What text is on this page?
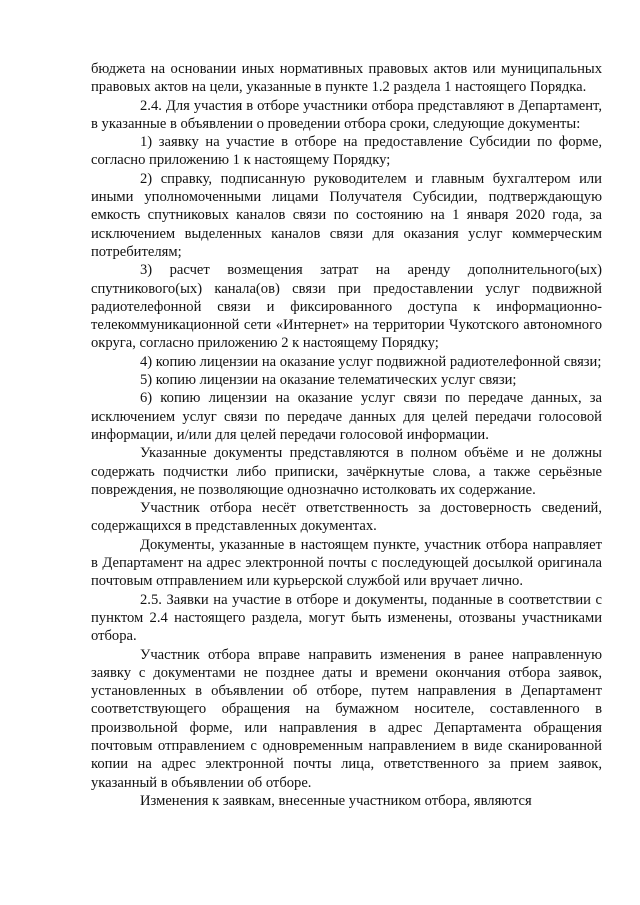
бюджета на основании иных нормативных правовых актов или муниципальных правовых актов на цели, указанные в пункте 1.2 раздела 1 настоящего Порядка.

2.4. Для участия в отборе участники отбора представляют в Департамент, в указанные в объявлении о проведении отбора сроки, следующие документы:

1) заявку на участие в отборе на предоставление Субсидии по форме, согласно приложению 1 к настоящему Порядку;

2) справку, подписанную руководителем и главным бухгалтером или иными уполномоченными лицами Получателя Субсидии, подтверждающую емкость спутниковых каналов связи по состоянию на 1 января 2020 года, за исключением выделенных каналов связи для оказания услуг коммерческим потребителям;

3) расчет возмещения затрат на аренду дополнительного(ых) спутникового(ых) канала(ов) связи при предоставлении услуг подвижной радиотелефонной связи и фиксированного доступа к информационно-телекоммуникационной сети «Интернет» на территории Чукотского автономного округа, согласно приложению 2 к настоящему Порядку;

4) копию лицензии на оказание услуг подвижной радиотелефонной связи;

5) копию лицензии на оказание телематических услуг связи;

6) копию лицензии на оказание услуг связи по передаче данных, за исключением услуг связи по передаче данных для целей передачи голосовой информации, и/или для целей передачи голосовой информации.

Указанные документы представляются в полном объёме и не должны содержать подчистки либо приписки, зачёркнутые слова, а также серьёзные повреждения, не позволяющие однозначно истолковать их содержание.

Участник отбора несёт ответственность за достоверность сведений, содержащихся в представленных документах.

Документы, указанные в настоящем пункте, участник отбора направляет в Департамент на адрес электронной почты с последующей досылкой оригинала почтовым отправлением или курьерской службой или вручает лично.

2.5. Заявки на участие в отборе и документы, поданные в соответствии с пунктом 2.4 настоящего раздела, могут быть изменены, отозваны участниками отбора.

Участник отбора вправе направить изменения в ранее направленную заявку с документами не позднее даты и времени окончания отбора заявок, установленных в объявлении об отборе, путем направления в Департамент соответствующего обращения на бумажном носителе, составленного в произвольной форме, или направления в адрес Департамента обращения почтовым отправлением с одновременным направлением в виде сканированной копии на адрес электронной почты лица, ответственного за прием заявок, указанный в объявлении об отборе.

Изменения к заявкам, внесенные участником отбора, являются
